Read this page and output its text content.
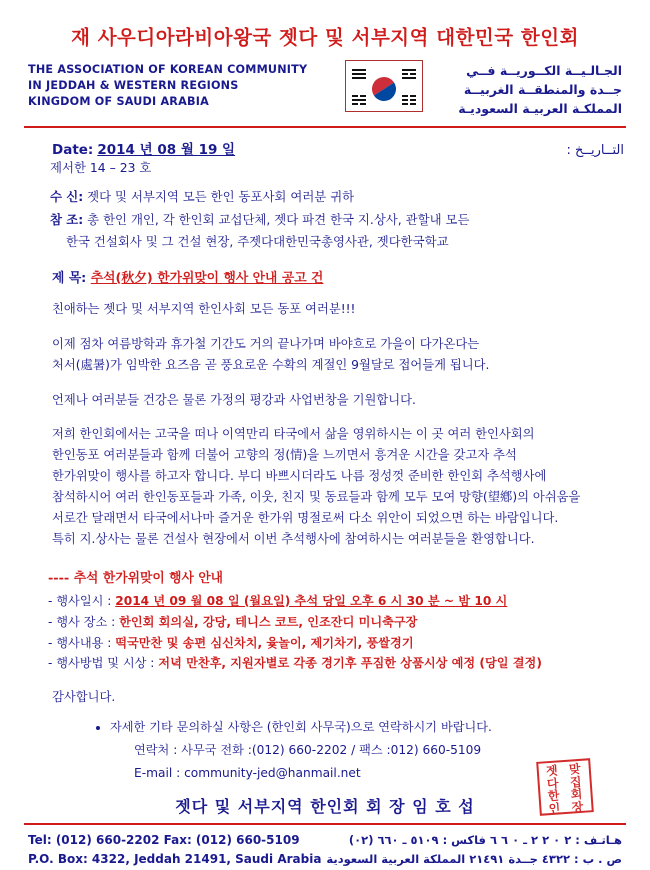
재 사우디아라비아왕국 젯다 및 서부지역 대한민국 한인회
THE ASSOCIATION OF KOREAN COMMUNITY
IN JEDDAH & WESTERN REGIONS
KINGDOM OF SAUDI ARABIA
الجـالـيــة الكــوريــة فــي
جــدة والمنطقــة الغربيــة
المملكـة العربيـة السعوديـة
Date: 2014 년 08 월 19 일	التــاريــخ :
제서한 14 – 23 호
수 신: 젯다 및 서부지역 모든 한인 동포사회 여러분 귀하
참 조: 총 한인 개인, 각 한인회 교섭단체, 젯다 파견 한국 지.상사, 관할내 모든
한국 건설회사 및 그 건설 현장, 주젯다대한민국총영사관, 젯다한국학교
제 목: 추석(秋夕) 한가위맞이 행사 안내 공고 건
친애하는 젯다 및 서부지역 한인사회 모든 동포 여러분!!!
이제 점차 여름방학과 휴가철 기간도 거의 끝나가며 바야흐로 가을이 다가온다는
처서(處暑)가 임박한 요즈음 곧 풍요로운 수확의 계절인 9월달로 접어들게 됩니다.
언제나 여러분들 건강은 물론 가정의 평강과 사업번창을 기원합니다.
저희 한인회에서는 고국을 떠나 이역만리 타국에서 삶을 영위하시는 이 곳 여러 한인사회의
한인동포 여러분들과 함께 더불어 고향의 정(情)을 느끼면서 흥겨운 시간을 갖고자 추석
한가위맞이 행사를 하고자 합니다. 부디 바쁘시더라도 나름 정성껏 준비한 한인회 추석행사에
참석하시어 여러 한인동포들과 가족, 이웃, 친지 및 동료들과 함께 모두 모여 망향(望鄕)의 아쉬움을
서로간 달래면서 타국에서나마 즐거운 한가위 명절로써 다소 위안이 되었으면 하는 바람입니다.
특히 지.상사는 물론 건설사 현장에서 이번 추석행사에 참여하시는 여러분들을 환영합니다.
---- 추석 한가위맞이 행사 안내
- 행사일시 : 2014 년 09 월 08 일 (월요일) 추석 당일 오후 6 시 30 분 ~ 밤 10 시
- 행사 장소 : 한인회 회의실, 강당, 테니스 코트, 인조잔디 미니축구장
- 행사내용 : 떡국만찬 및 송편 심신차치, 윷놀이, 제기차기, 풍쌀경기
- 행사방법 및 시상 : 저녁 만찬후, 지원자별로 각종 경기후 푸짐한 상품시상 예정 (당일 결정)
감사합니다.
• 자세한 기타 문의하실 사항은 (한인회 사무국)으로 연락하시기 바랍니다.
연락처 : 사무국 전화 :(012) 660-2202 / 팩스 :012) 660-5109
E-mail : community-jed@hanmail.net
젯다 및 서부지역 한인회 회 장 임 호 섭
젯다
맞집
한인
회장
Tel: (012) 660-2202 Fax: (012) 660-5109
P.O. Box: 4322, Jeddah 21491, Saudi Arabia
هـاتـف : ٢ ٠ ٢ ٢ ـ ٠ ٦ ٦ فاكس : ٥١٠٩ ـ ٦٦٠ (٠٢)
ص . ب : ٤٣٢٢ جــدة ٢١٤٩١ المملكة العربية السعودية
